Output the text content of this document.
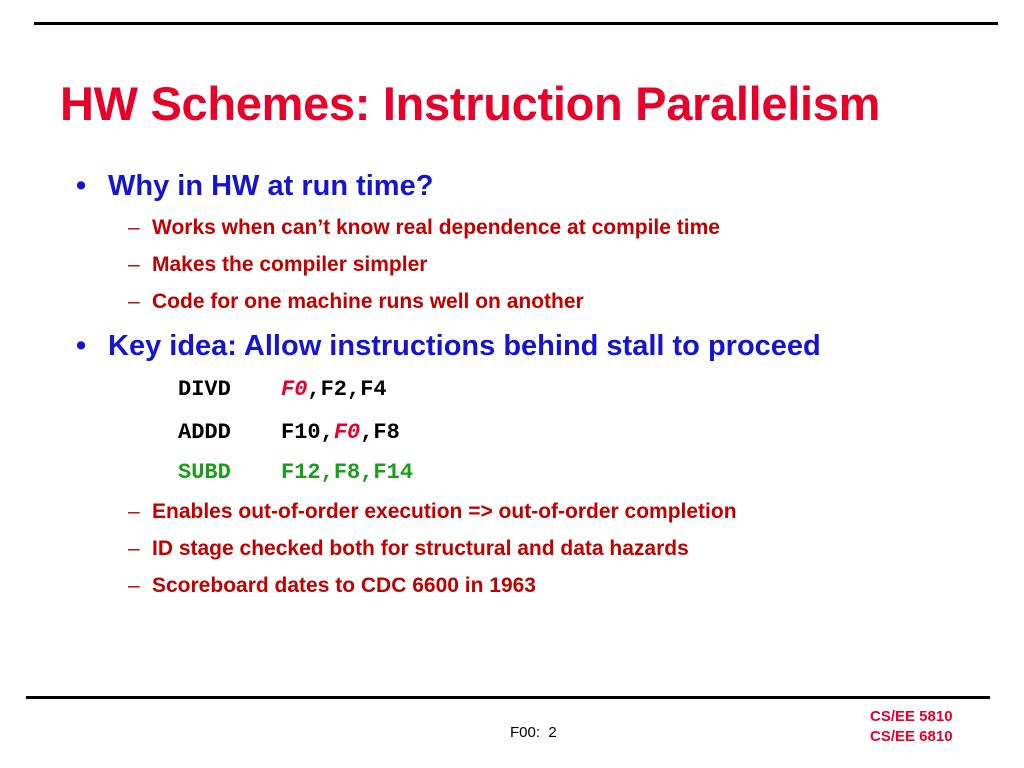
HW Schemes: Instruction Parallelism
• Why in HW at run time?
– Works when can’t know real dependence at compile time
– Makes the compiler simpler
– Code for one machine runs well on another
• Key idea: Allow instructions behind stall to proceed
DIVD F0,F2,F4
ADDD F10,F0,F8
SUBD F12,F8,F14
– Enables out-of-order execution => out-of-order completion
– ID stage checked both for structural and data hazards
– Scoreboard dates to CDC 6600 in 1963
F00:  2
CS/EE 5810
CS/EE 6810
